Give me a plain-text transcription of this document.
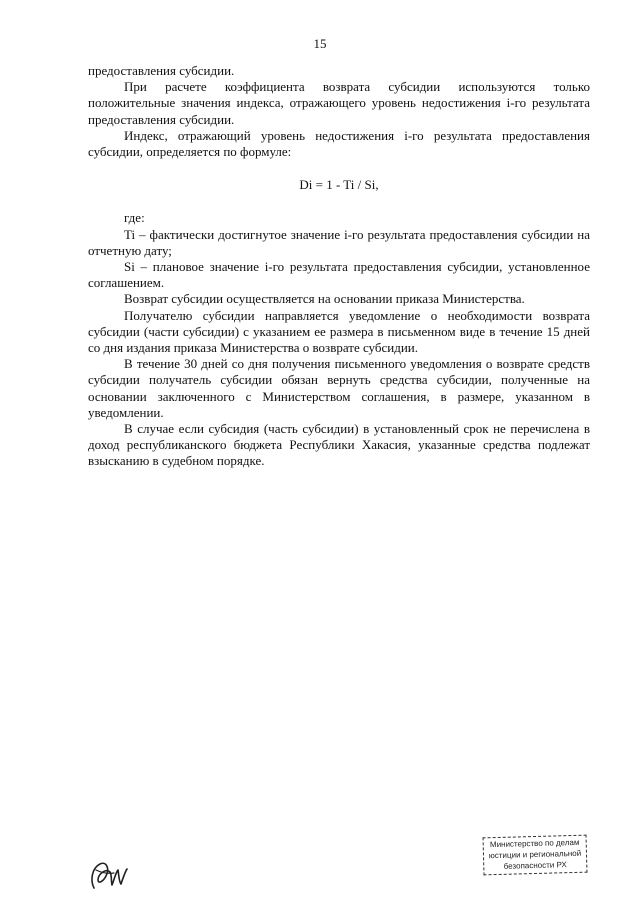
15

предоставления субсидии.

При расчете коэффициента возврата субсидии используются только положительные значения индекса, отражающего уровень недостижения i-го результата предоставления субсидии.

Индекс, отражающий уровень недостижения i-го результата предоставления субсидии, определяется по формуле:

Di = 1 - Ti / Si,

где:

Ti – фактически достигнутое значение i-го результата предоставления субсидии на отчетную дату;

Si – плановое значение i-го результата предоставления субсидии, установленное соглашением.

Возврат субсидии осуществляется на основании приказа Министерства.

Получателю субсидии направляется уведомление о необходимости возврата субсидии (части субсидии) с указанием ее размера в письменном виде в течение 15 дней со дня издания приказа Министерства о возврате субсидии.

В течение 30 дней со дня получения письменного уведомления о возврате средств субсидии получатель субсидии обязан вернуть средства субсидии, полученные на основании заключенного с Министерством соглашения, в размере, указанном в уведомлении.

В случае если субсидия (часть субсидии) в установленный срок не перечислена в доход республиканского бюджета Республики Хакасия, указанные средства подлежат взысканию в судебном порядке.

Министерство по делам
юстиции и региональной
безопасности РХ
